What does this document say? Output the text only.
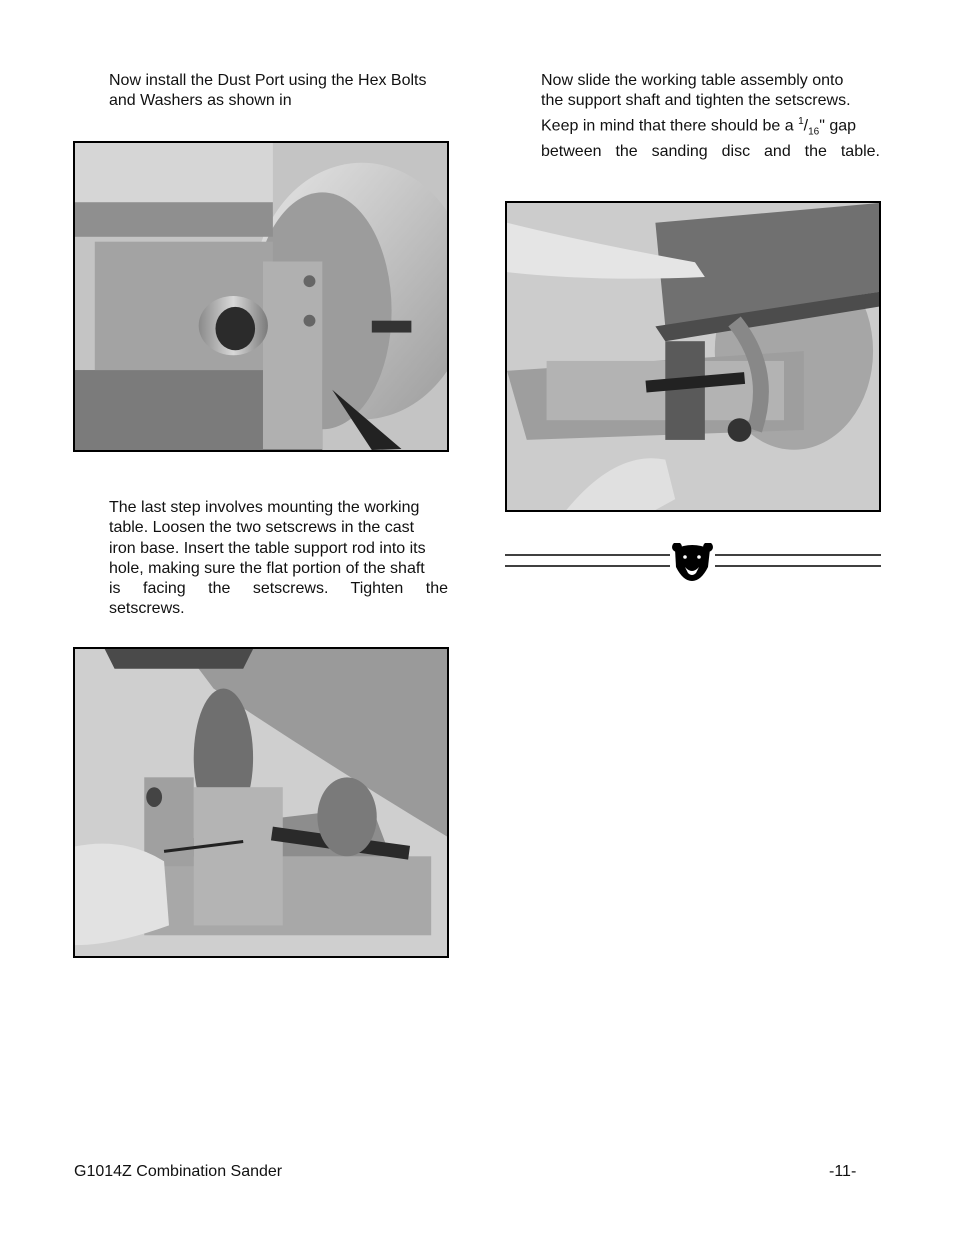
Now install the Dust Port using the Hex Bolts
and Washers as shown in
The last step involves mounting the working
table. Loosen the two setscrews in the cast
iron base. Insert the table support rod into its
hole, making sure the flat portion of the shaft
is facing the setscrews. Tighten the
setscrews.
Now slide the working table assembly onto
the support shaft and tighten the setscrews.
Keep in mind that there should be a $^1/_{16}$" gap
between the sanding disc and the table.
G1014Z Combination Sander	-11-
